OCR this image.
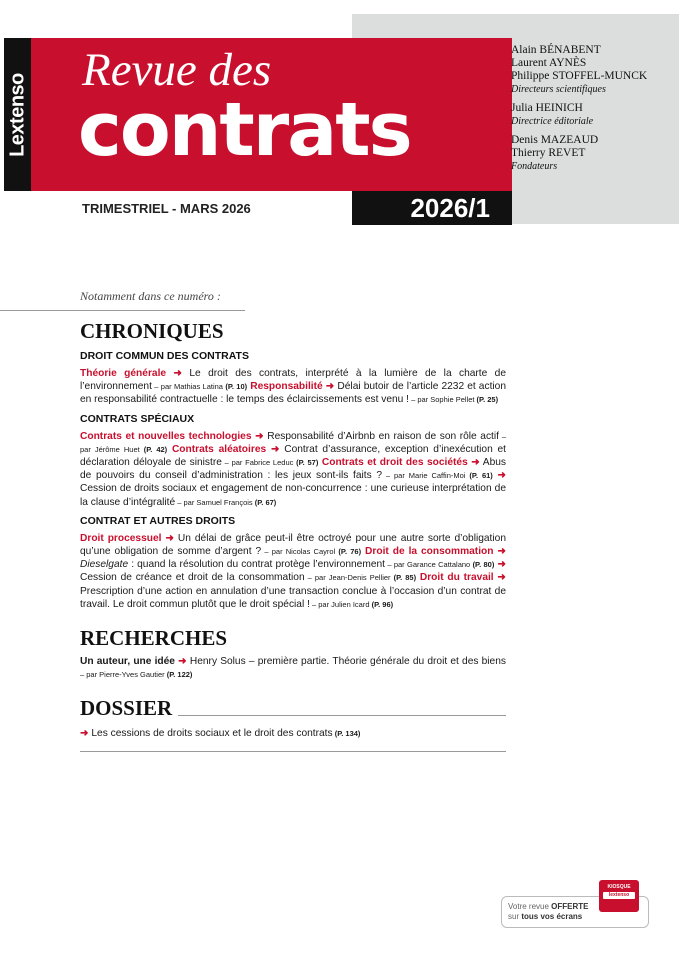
Lextenso
Revue des
contrats
Alain BÉNABENT
Laurent AYNÈS
Philippe STOFFEL-MUNCK
Directeurs scientifiques
Julia HEINICH
Directrice éditoriale
Denis MAZEAUD
Thierry REVET
Fondateurs
TRIMESTRIEL - MARS 2026	2026/1
Notamment dans ce numéro :
CHRONIQUES
DROIT COMMUN DES CONTRATS

Théorie générale ➜ Le droit des contrats, interprété à la lumière de la charte de l’environnement – par Mathias Latina (P. 10) Responsabilité ➜ Délai butoir de l’article 2232 et action en responsabilité contractuelle : le temps des éclaircissements est venu ! – par Sophie Pellet (P. 25)

CONTRATS SPÉCIAUX

Contrats et nouvelles technologies ➜ Responsabilité d’Airbnb en raison de son rôle actif – par Jérôme Huet (P. 42) Contrats aléatoires ➜ Contrat d’assurance, exception d’inexécution et déclaration déloyale de sinistre – par Fabrice Leduc (P. 57) Contrats et droit des sociétés ➜ Abus de pouvoirs du conseil d’administration : les jeux sont-ils faits ? – par Marie Caffin-Moi (P. 61) ➜ Cession de droits sociaux et engagement de non-concurrence : une curieuse interprétation de la clause d’intégralité – par Samuel François (P. 67)

CONTRAT ET AUTRES DROITS

Droit processuel ➜ Un délai de grâce peut-il être octroyé pour une autre sorte d’obligation qu’une obligation de somme d’argent ? – par Nicolas Cayrol (P. 76) Droit de la consommation ➜ Dieselgate : quand la résolution du contrat protège l’environnement – par Garance Cattalano (P. 80) ➜ Cession de créance et droit de la consommation – par Jean-Denis Pellier (P. 85) Droit du travail ➜ Prescription d’une action en annulation d’une transaction conclue à l’occasion d’un contrat de travail. Le droit commun plutôt que le droit spécial ! – par Julien Icard (P. 96)

RECHERCHES

Un auteur, une idée ➜ Henry Solus – première partie. Théorie générale du droit et des biens – par Pierre-Yves Gautier (P. 122)

DOSSIER

➜ Les cessions de droits sociaux et le droit des contrats (P. 134)

Votre revue OFFERTE
sur tous vos écrans
KIOSQUE
lextenso
